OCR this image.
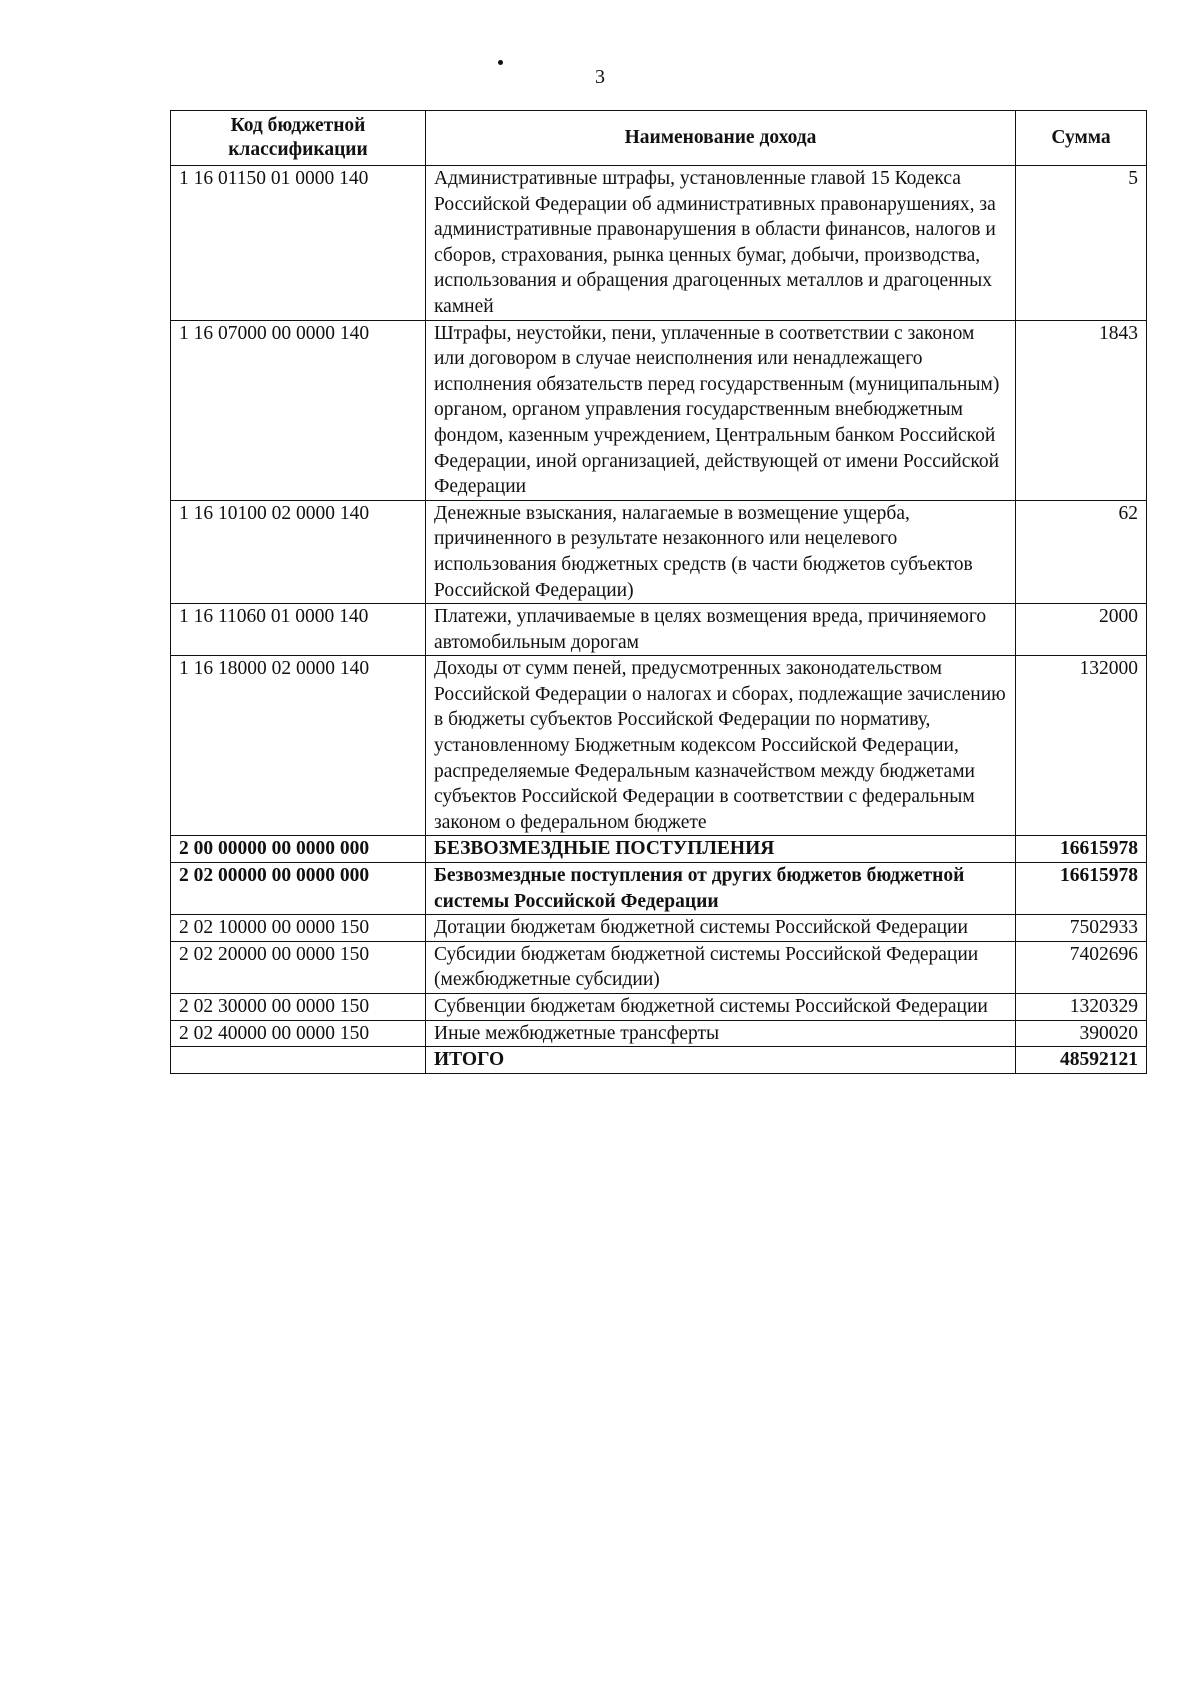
3
Код бюджетной классификации	Наименование дохода	Сумма
1 16 01150 01 0000 140	Административные штрафы, установленные главой 15 Кодекса Российской Федерации об административных правонарушениях, за административные правонарушения в области финансов, налогов и сборов, страхования, рынка ценных бумаг, добычи, производства, использования и обращения драгоценных металлов и драгоценных камней	5
1 16 07000 00 0000 140	Штрафы, неустойки, пени, уплаченные в соответствии с законом или договором в случае неисполнения или ненадлежащего исполнения обязательств перед государственным (муниципальным) органом, органом управления государственным внебюджетным фондом, казенным учреждением, Центральным банком Российской Федерации, иной организацией, действующей от имени Российской Федерации	1843
1 16 10100 02 0000 140	Денежные взыскания, налагаемые в возмещение ущерба, причиненного в результате незаконного или нецелевого использования бюджетных средств (в части бюджетов субъектов Российской Федерации)	62
1 16 11060 01 0000 140	Платежи, уплачиваемые в целях возмещения вреда, причиняемого автомобильным дорогам	2000
1 16 18000 02 0000 140	Доходы от сумм пеней, предусмотренных законодательством Российской Федерации о налогах и сборах, подлежащие зачислению в бюджеты субъектов Российской Федерации по нормативу, установленному Бюджетным кодексом Российской Федерации, распределяемые Федеральным казначейством между бюджетами субъектов Российской Федерации в соответствии с федеральным законом о федеральном бюджете	132000
2 00 00000 00 0000 000	БЕЗВОЗМЕЗДНЫЕ ПОСТУПЛЕНИЯ	16615978
2 02 00000 00 0000 000	Безвозмездные поступления от других бюджетов бюджетной системы Российской Федерации	16615978
2 02 10000 00 0000 150	Дотации бюджетам бюджетной системы Российской Федерации	7502933
2 02 20000 00 0000 150	Субсидии бюджетам бюджетной системы Российской Федерации (межбюджетные субсидии)	7402696
2 02 30000 00 0000 150	Субвенции бюджетам бюджетной системы Российской Федерации	1320329
2 02 40000 00 0000 150	Иные межбюджетные трансферты	390020
	ИТОГО	48592121
